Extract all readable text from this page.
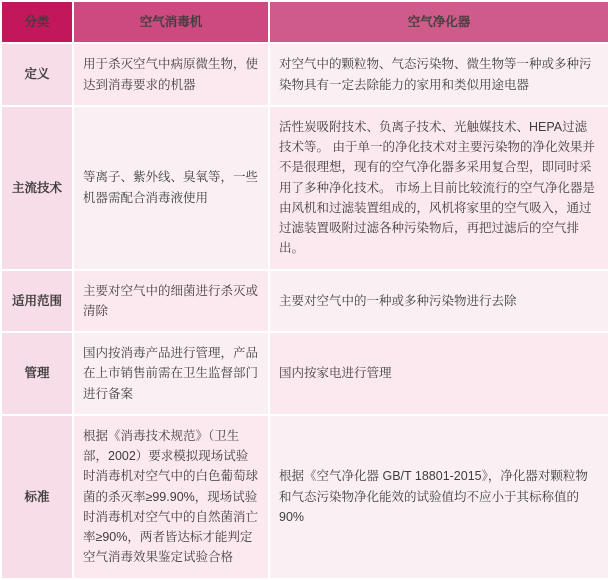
分类	空气消毒机	空气净化器
定义	用于杀灭空气中病原微生物，使达到消毒要求的机器	对空气中的颗粒物、气态污染物、微生物等一种或多种污染物具有一定去除能力的家用和类似用途电器
主流技术	等离子、紫外线、臭氧等，一些机器需配合消毒液使用	活性炭吸附技术、负离子技术、光触媒技术、HEPA过滤技术等。 由于单一的净化技术对主要污染物的净化效果并不是很理想，现有的空气净化器多采用复合型，即同时采用了多种净化技术。 市场上目前比较流行的空气净化器是由风机和过滤装置组成的，风机将家里的空气吸入，通过过滤装置吸附过滤各种污染物后，再把过滤后的空气排出。
适用范围	主要对空气中的细菌进行杀灭或清除	主要对空气中的一种或多种污染物进行去除
管理	国内按消毒产品进行管理，产品在上市销售前需在卫生监督部门进行备案	国内按家电进行管理
标准	根据《消毒技术规范》（卫生部，2002）要求模拟现场试验时消毒机对空气中的白色葡萄球菌的杀灭率≥99.90%，现场试验时消毒机对空气中的自然菌消亡率≥90%，两者皆达标才能判定空气消毒效果鉴定试验合格	根据《空气净化器 GB/T 18801-2015》，净化器对颗粒物和气态污染物净化能效的试验值均不应小于其标称值的90%
